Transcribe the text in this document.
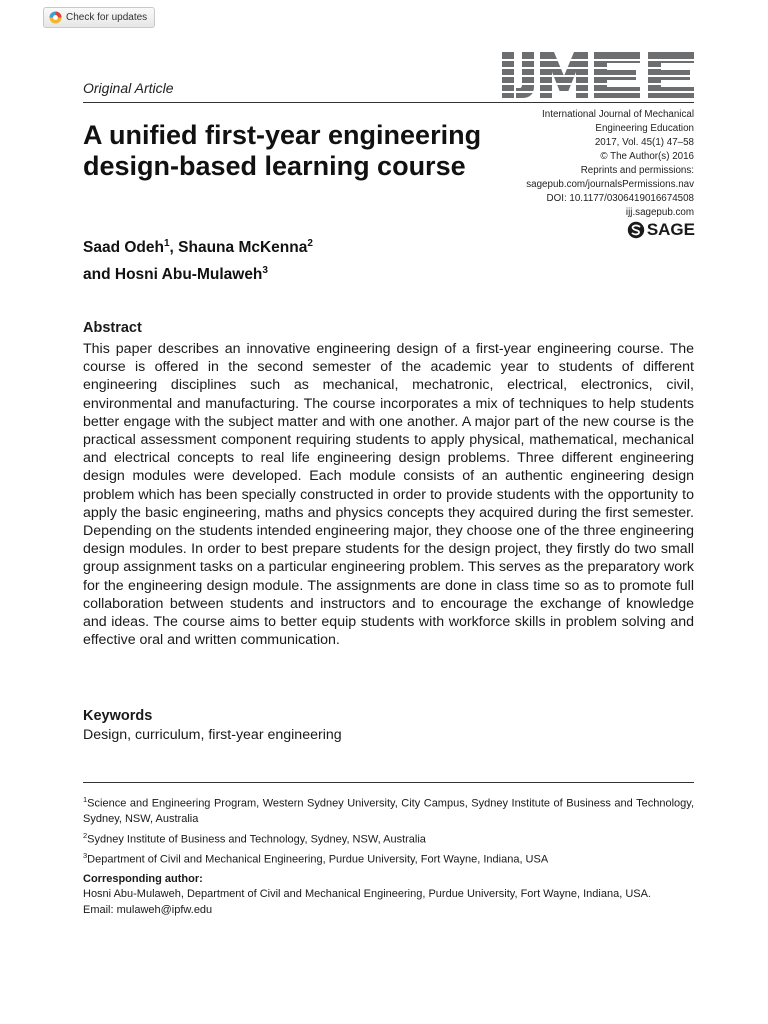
Check for updates
Original Article
International Journal of Mechanical
Engineering Education
2017, Vol. 45(1) 47–58
© The Author(s) 2016
Reprints and permissions:
sagepub.com/journalsPermissions.nav
DOI: 10.1177/0306419016674508
ijj.sagepub.com
SAGE
A unified first-year engineering design-based learning course
Saad Odeh$^1$, Shauna McKenna$^2$
and Hosni Abu-Mulaweh$^3$
Abstract

This paper describes an innovative engineering design of a first-year engineering course. The course is offered in the second semester of the academic year to students of different engineering disciplines such as mechanical, mechatronic, electrical, electronics, civil, environmental and manufacturing. The course incorporates a mix of techniques to help students better engage with the subject matter and with one another. A major part of the new course is the practical assessment component requiring students to apply physical, mathematical, mechanical and electrical concepts to real life engineering design problems. Three different engineering design modules were developed. Each module consists of an authentic engineering design problem which has been specially constructed in order to provide students with the opportunity to apply the basic engineering, maths and physics concepts they acquired during the first semester. Depending on the students intended engineering major, they choose one of the three engineering design modules. In order to best prepare students for the design project, they firstly do two small group assignment tasks on a particular engineering problem. This serves as the preparatory work for the engineering design module. The assignments are done in class time so as to promote full collaboration between students and instructors and to encourage the exchange of knowledge and ideas. The course aims to better equip students with workforce skills in problem solving and effective oral and written communication.

Keywords
Design, curriculum, first-year engineering

$^1$Science and Engineering Program, Western Sydney University, City Campus, Sydney Institute of Business and Technology, Sydney, NSW, Australia

$^2$Sydney Institute of Business and Technology, Sydney, NSW, Australia

$^3$Department of Civil and Mechanical Engineering, Purdue University, Fort Wayne, Indiana, USA

Corresponding author:

Hosni Abu-Mulaweh, Department of Civil and Mechanical Engineering, Purdue University, Fort Wayne, Indiana, USA.

Email: mulaweh@ipfw.edu
